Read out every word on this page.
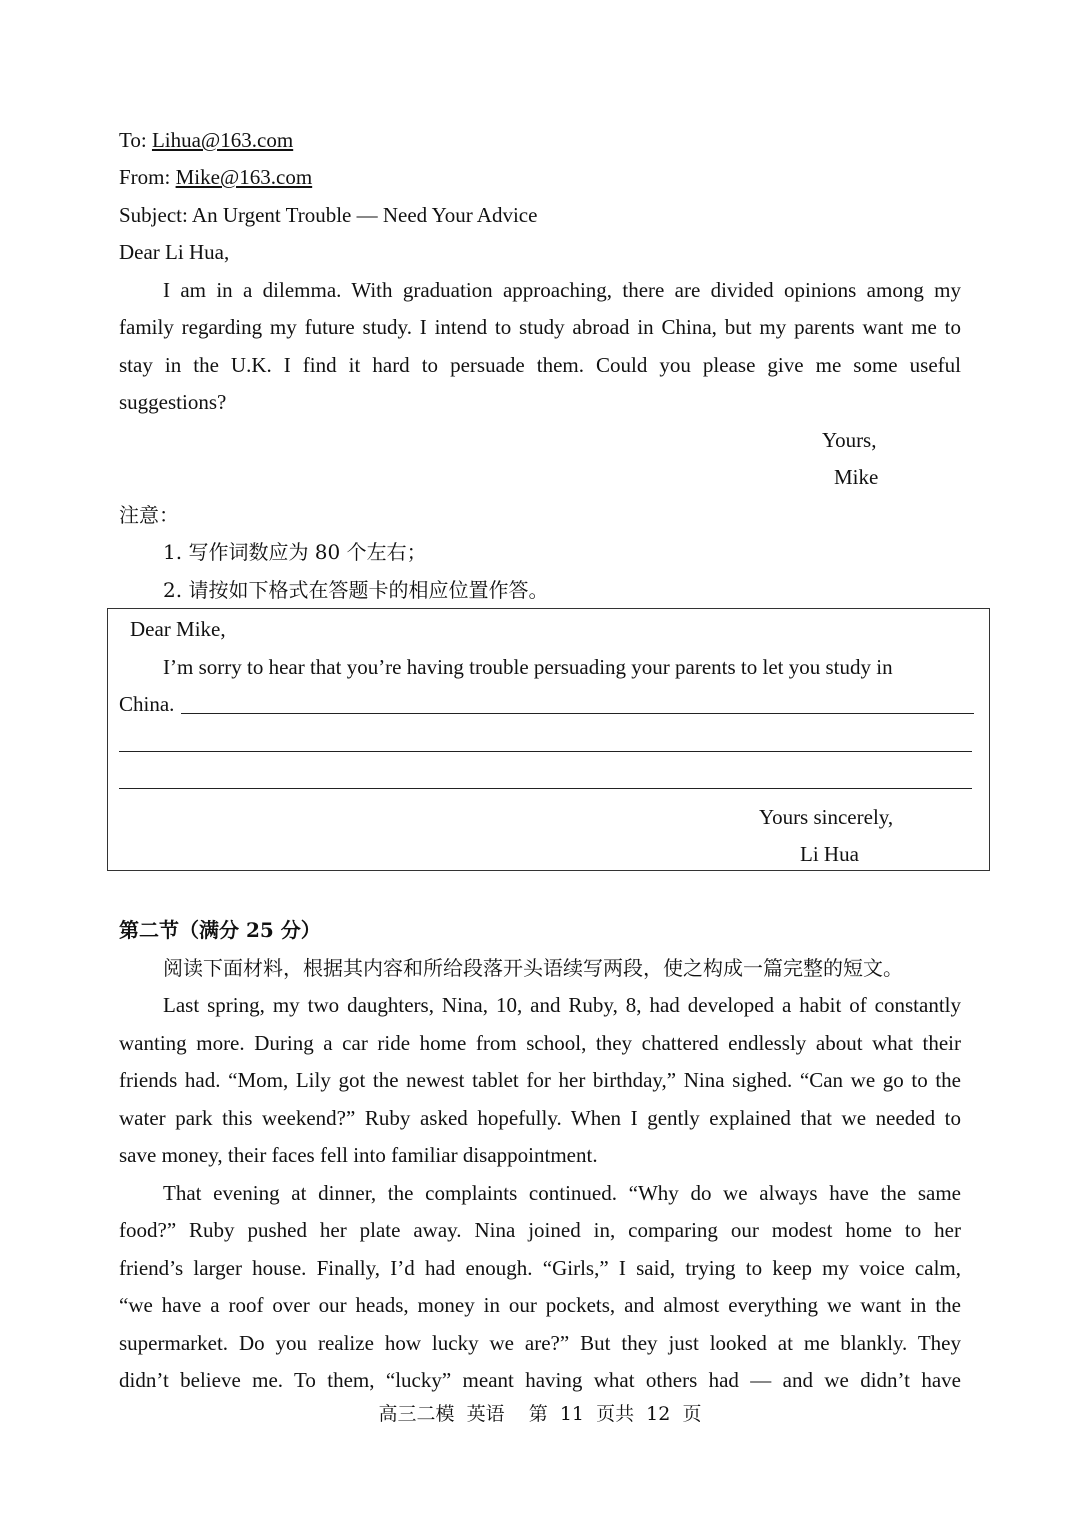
To: Lihua@163.com
From: Mike@163.com
Subject: An Urgent Trouble — Need Your Advice
Dear Li Hua,
I am in a dilemma. With graduation approaching, there are divided opinions among my
family regarding my future study. I intend to study abroad in China, but my parents want me to
stay in the U.K. I find it hard to persuade them. Could you please give me some useful
suggestions?
Yours,
Mike
注意：
1. 写作词数应为 80 个左右；
2. 请按如下格式在答题卡的相应位置作答。
Dear Mike,
I’m sorry to hear that you’re having trouble persuading your parents to let you study in
China.
Yours sincerely,
Li Hua
第二节（满分 25 分）
阅读下面材料，根据其内容和所给段落开头语续写两段，使之构成一篇完整的短文。
Last spring, my two daughters, Nina, 10, and Ruby, 8, had developed a habit of constantly
wanting more. During a car ride home from school, they chattered endlessly about what their
friends had. “Mom, Lily got the newest tablet for her birthday,” Nina sighed. “Can we go to the
water park this weekend?” Ruby asked hopefully. When I gently explained that we needed to
save money, their faces fell into familiar disappointment.
That evening at dinner, the complaints continued. “Why do we always have the same
food?” Ruby pushed her plate away. Nina joined in, comparing our modest home to her
friend’s larger house. Finally, I’d had enough. “Girls,” I said, trying to keep my voice calm,
“we have a roof over our heads, money in our pockets, and almost everything we want in the
supermarket. Do you realize how lucky we are?” But they just looked at me blankly. They
didn’t believe me. To them, “lucky” meant having what others had — and we didn’t have
高三二模  英语    第  11  页共  12  页
